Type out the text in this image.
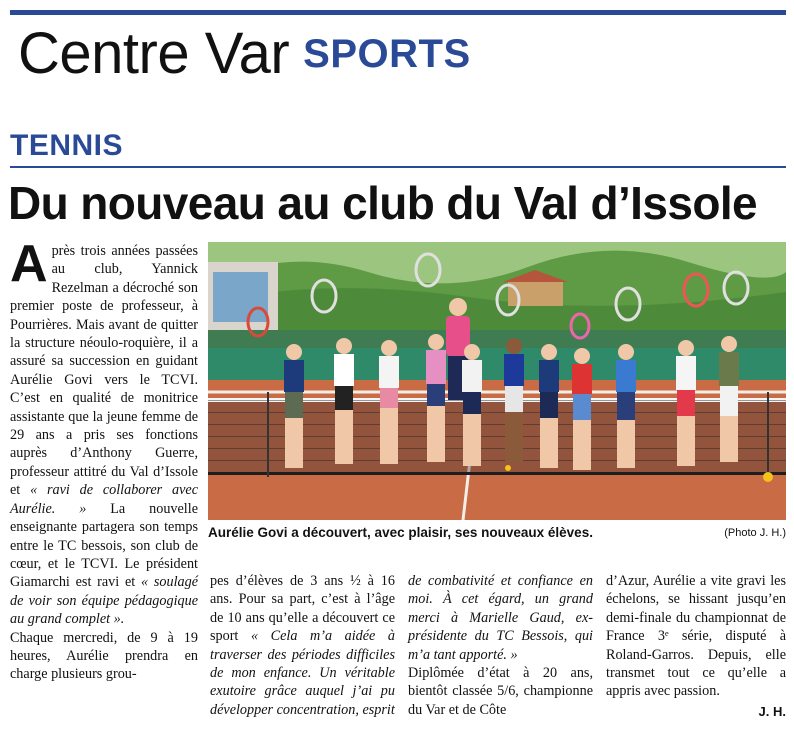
Centre Var SPORTS
TENNIS
Du nouveau au club du Val d’Issole

A près trois années passées au club, Yannick Rezelman a décroché son premier poste de professeur, à Pourrières. Mais avant de quitter la structure néoulo-roquière, il a assuré sa succession en guidant Aurélie Govi vers le TCVI. C’est en qualité de monitrice assistante que la jeune femme de 29 ans a pris ses fonctions auprès d’Anthony Guerre, professeur attitré du Val d’Issole et « ravi de collaborer avec Aurélie. » La nouvelle enseignante partagera son temps entre le TC bessois, son club de cœur, et le TCVI. Le président Giamarchi est ravi et « soulagé de voir son équipe pédagogique au grand complet ».

Chaque mercredi, de 9 à 19 heures, Aurélie prendra en charge plusieurs grou-

Aurélie Govi a découvert, avec plaisir, ses nouveaux élèves.	(Photo J. H.)

pes d’élèves de 3 ans ½ à 16 ans. Pour sa part, c’est à l’âge de 10 ans qu’elle a découvert ce sport « Cela m’a aidée à traverser des périodes difficiles de mon enfance. Un véritable exutoire grâce auquel j’ai pu développer concentration, esprit

de combativité et confiance en moi. À cet égard, un grand merci à Marielle Gaud, ex-présidente du TC Bessois, qui m’a tant apporté. »

Diplômée d’état à 20 ans, bientôt classée 5/6, championne du Var et de Côte

d’Azur, Aurélie a vite gravi les échelons, se hissant jusqu’en demi-finale du championnat de France 3ᵉ série, disputé à Roland-Garros. Depuis, elle transmet tout ce qu’elle a appris avec passion.

J. H.
